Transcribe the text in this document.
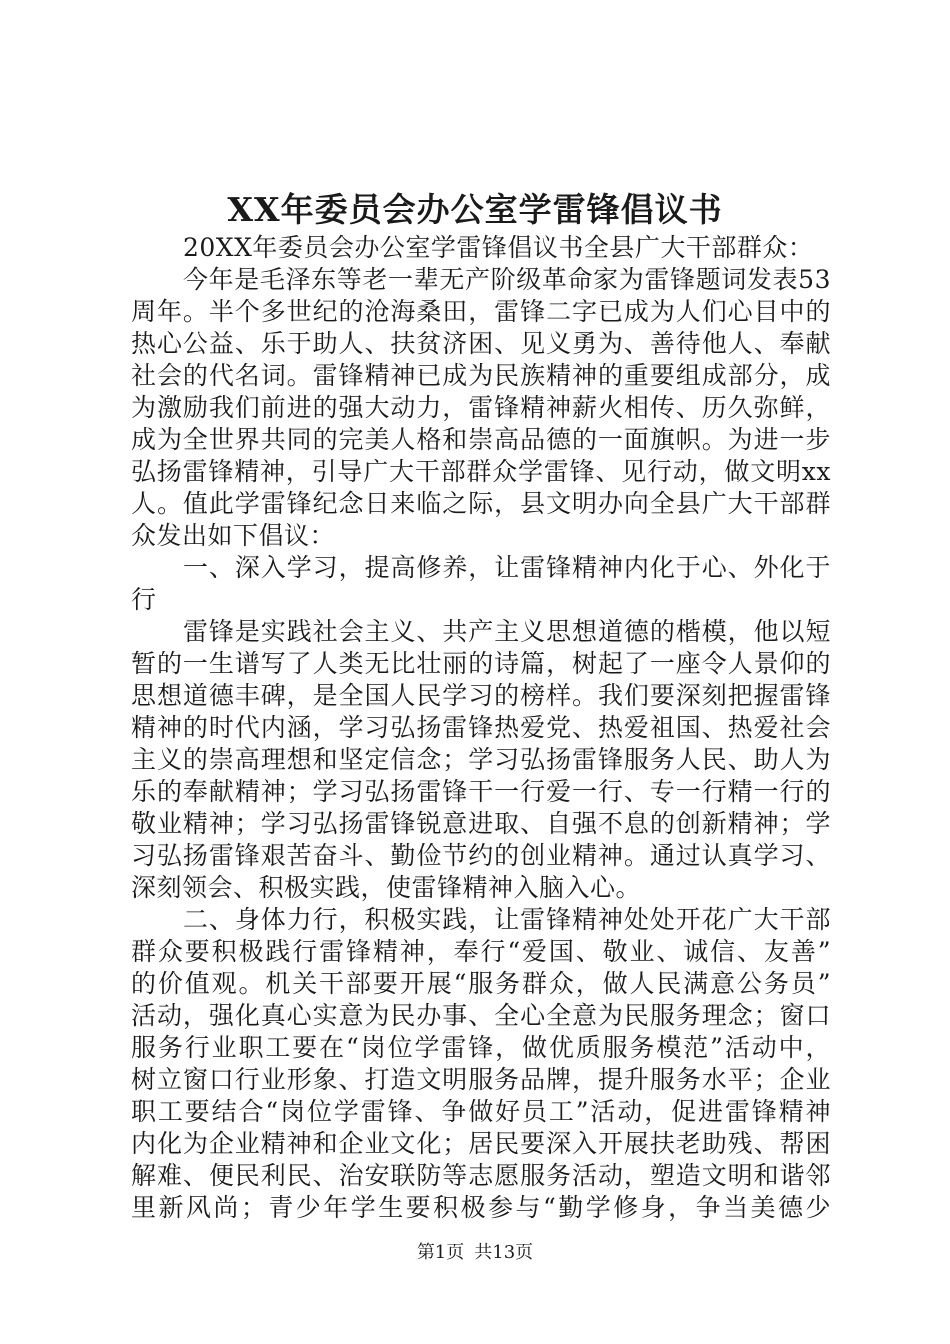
XX年委员会办公室学雷锋倡议书
20XX年委员会办公室学雷锋倡议书全县广大干部群众：
今年是毛泽东等老一辈无产阶级革命家为雷锋题词发表53
周年。半个多世纪的沧海桑田，雷锋二字已成为人们心目中的
热心公益、乐于助人、扶贫济困、见义勇为、善待他人、奉献
社会的代名词。雷锋精神已成为民族精神的重要组成部分，成
为激励我们前进的强大动力，雷锋精神薪火相传、历久弥鲜，
成为全世界共同的完美人格和崇高品德的一面旗帜。为进一步
弘扬雷锋精神，引导广大干部群众学雷锋、见行动，做文明xx
人。值此学雷锋纪念日来临之际，县文明办向全县广大干部群
众发出如下倡议：
一、深入学习，提高修养，让雷锋精神内化于心、外化于
行
雷锋是实践社会主义、共产主义思想道德的楷模，他以短
暂的一生谱写了人类无比壮丽的诗篇，树起了一座令人景仰的
思想道德丰碑，是全国人民学习的榜样。我们要深刻把握雷锋
精神的时代内涵，学习弘扬雷锋热爱党、热爱祖国、热爱社会
主义的崇高理想和坚定信念；学习弘扬雷锋服务人民、助人为
乐的奉献精神；学习弘扬雷锋干一行爱一行、专一行精一行的
敬业精神；学习弘扬雷锋锐意进取、自强不息的创新精神；学
习弘扬雷锋艰苦奋斗、勤俭节约的创业精神。通过认真学习、
深刻领会、积极实践，使雷锋精神入脑入心。
二、身体力行，积极实践，让雷锋精神处处开花广大干部
群众要积极践行雷锋精神，奉行“爱国、敬业、诚信、友善”
的价值观。机关干部要开展“服务群众，做人民满意公务员”
活动，强化真心实意为民办事、全心全意为民服务理念；窗口
服务行业职工要在“岗位学雷锋，做优质服务模范”活动中，
树立窗口行业形象、打造文明服务品牌，提升服务水平；企业
职工要结合“岗位学雷锋、争做好员工”活动，促进雷锋精神
内化为企业精神和企业文化；居民要深入开展扶老助残、帮困
解难、便民利民、治安联防等志愿服务活动，塑造文明和谐邻
里新风尚；青少年学生要积极参与“勤学修身，争当美德少
第1页 共13页
